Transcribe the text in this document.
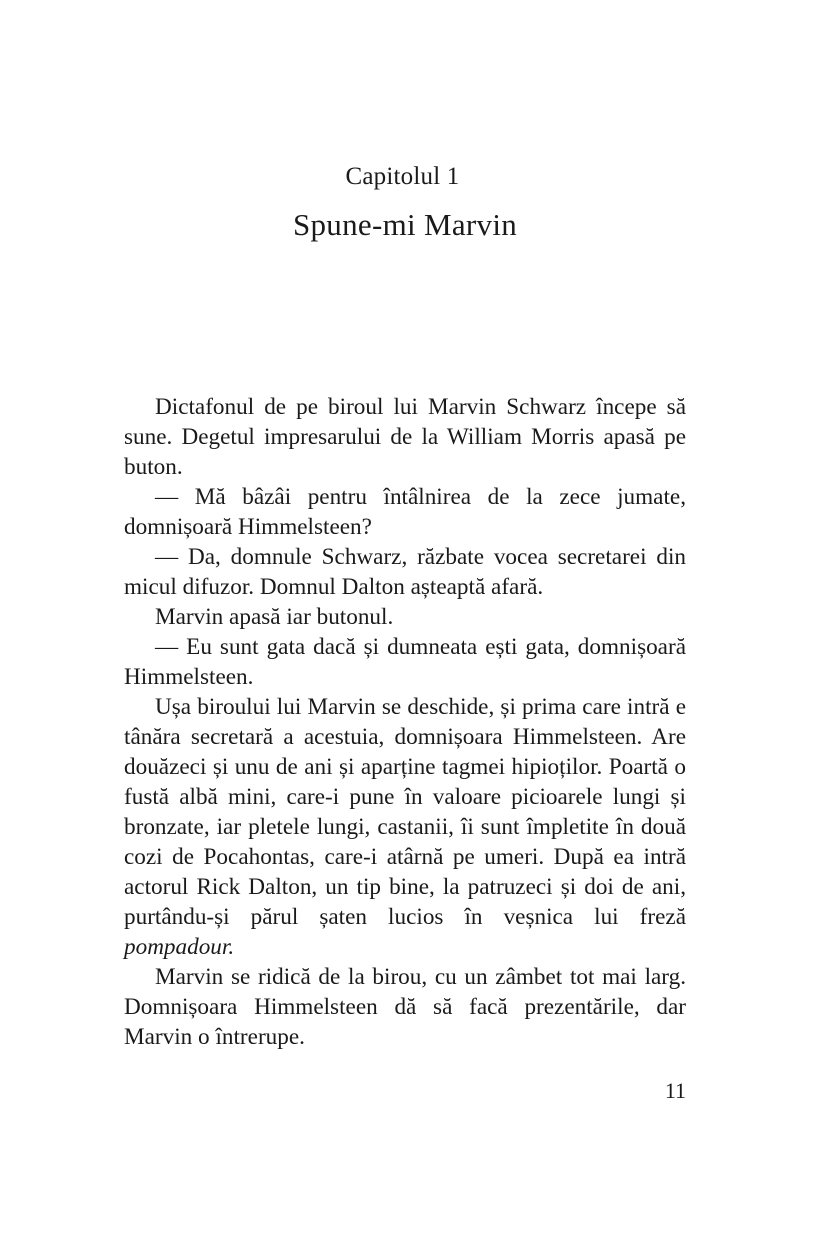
Capitolul 1
Spune-mi Marvin

Dictafonul de pe biroul lui Marvin Schwarz începe să sune. Degetul impresarului de la William Morris apasă pe buton.

— Mă bâzâi pentru întâlnirea de la zece jumate, domnișoară Himmelsteen?

— Da, domnule Schwarz, răzbate vocea secretarei din micul difuzor. Domnul Dalton așteaptă afară.

Marvin apasă iar butonul.

— Eu sunt gata dacă și dumneata ești gata, domnișoară Himmelsteen.

Ușa biroului lui Marvin se deschide, și prima care intră e tânăra secretară a acestuia, domnișoara Himmelsteen. Are douăzeci și unu de ani și aparține tagmei hipioților. Poartă o fustă albă mini, care-i pune în valoare picioarele lungi și bronzate, iar pletele lungi, castanii, îi sunt împletite în două cozi de Pocahontas, care-i atârnă pe umeri. După ea intră actorul Rick Dalton, un tip bine, la patruzeci și doi de ani, purtându-și părul șaten lucios în veșnica lui freză pompadour.

Marvin se ridică de la birou, cu un zâmbet tot mai larg. Domnișoara Himmelsteen dă să facă prezentările, dar Marvin o întrerupe.

11
